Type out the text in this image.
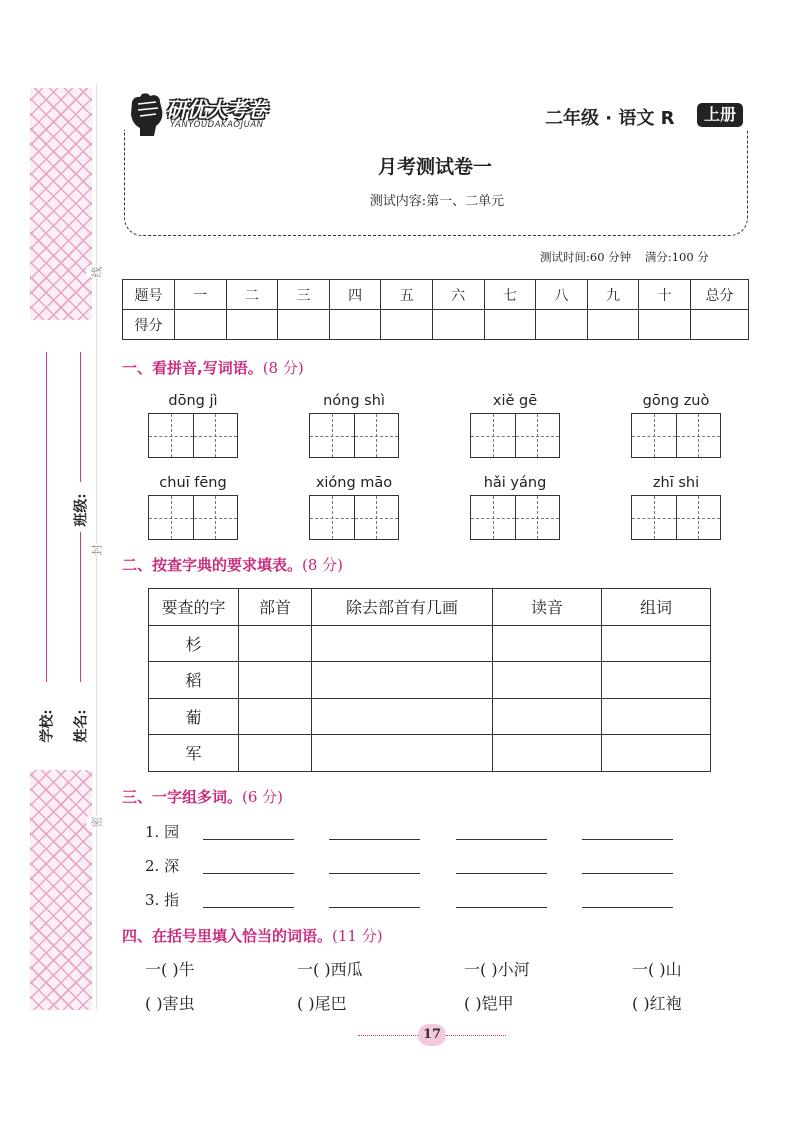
线
封
密
班级:
学校: 姓名:
研优大考卷
YANYOUDAKAOJUAN	二年级 · 语文 R	上册
月考测试卷一
测试内容:第一、二单元
测试时间:60 分钟 满分:100 分
题号	一	二	三	四	五	六	七	八	九	十	总分
得分											
一、看拼音,写词语。(8 分)
dōng jì	nóng shì	xiě gē	gōng zuò
chuī fēng	xióng māo	hǎi yáng	zhī shi
二、按查字典的要求填表。(8 分)
要查的字	部首	除去部首有几画	读音	组词
杉				
稻				
葡				
军				
三、一字组多词。(6 分)
1. 园
2. 深
3. 指
四、在括号里填入恰当的词语。(11 分)
一( )牛	一( )西瓜	一( )小河	一( )山
( )害虫	( )尾巴	( )铠甲	( )红袍
17
